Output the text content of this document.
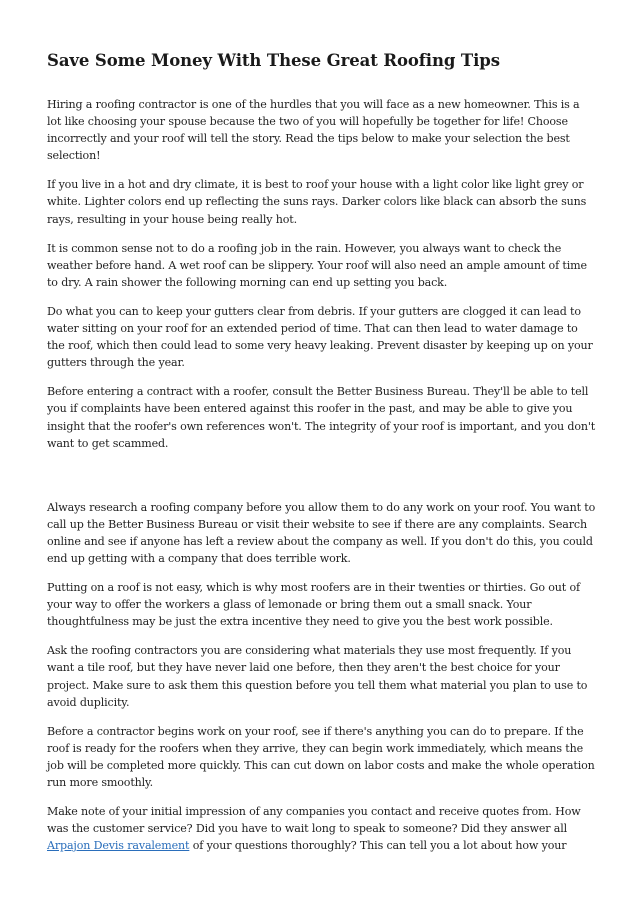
Save Some Money With These Great Roofing Tips

Hiring a roofing contractor is one of the hurdles that you will face as a new homeowner. This is a lot like choosing your spouse because the two of you will hopefully be together for life! Choose incorrectly and your roof will tell the story. Read the tips below to make your selection the best selection!

If you live in a hot and dry climate, it is best to roof your house with a light color like light grey or white. Lighter colors end up reflecting the suns rays. Darker colors like black can absorb the suns rays, resulting in your house being really hot.

It is common sense not to do a roofing job in the rain. However, you always want to check the weather before hand. A wet roof can be slippery. Your roof will also need an ample amount of time to dry. A rain shower the following morning can end up setting you back.

Do what you can to keep your gutters clear from debris. If your gutters are clogged it can lead to water sitting on your roof for an extended period of time. That can then lead to water damage to the roof, which then could lead to some very heavy leaking. Prevent disaster by keeping up on your gutters through the year.

Before entering a contract with a roofer, consult the Better Business Bureau. They'll be able to tell you if complaints have been entered against this roofer in the past, and may be able to give you insight that the roofer's own references won't. The integrity of your roof is important, and you don't want to get scammed.

Always research a roofing company before you allow them to do any work on your roof. You want to call up the Better Business Bureau or visit their website to see if there are any complaints. Search online and see if anyone has left a review about the company as well. If you don't do this, you could end up getting with a company that does terrible work.

Putting on a roof is not easy, which is why most roofers are in their twenties or thirties. Go out of your way to offer the workers a glass of lemonade or bring them out a small snack. Your thoughtfulness may be just the extra incentive they need to give you the best work possible.

Ask the roofing contractors you are considering what materials they use most frequently. If you want a tile roof, but they have never laid one before, then they aren't the best choice for your project. Make sure to ask them this question before you tell them what material you plan to use to avoid duplicity.

Before a contractor begins work on your roof, see if there's anything you can do to prepare. If the roof is ready for the roofers when they arrive, they can begin work immediately, which means the job will be completed more quickly. This can cut down on labor costs and make the whole operation run more smoothly.

Make note of your initial impression of any companies you contact and receive quotes from. How was the customer service? Did you have to wait long to speak to someone? Did they answer all Arpajon Devis ravalement of your questions thoroughly? This can tell you a lot about how your
